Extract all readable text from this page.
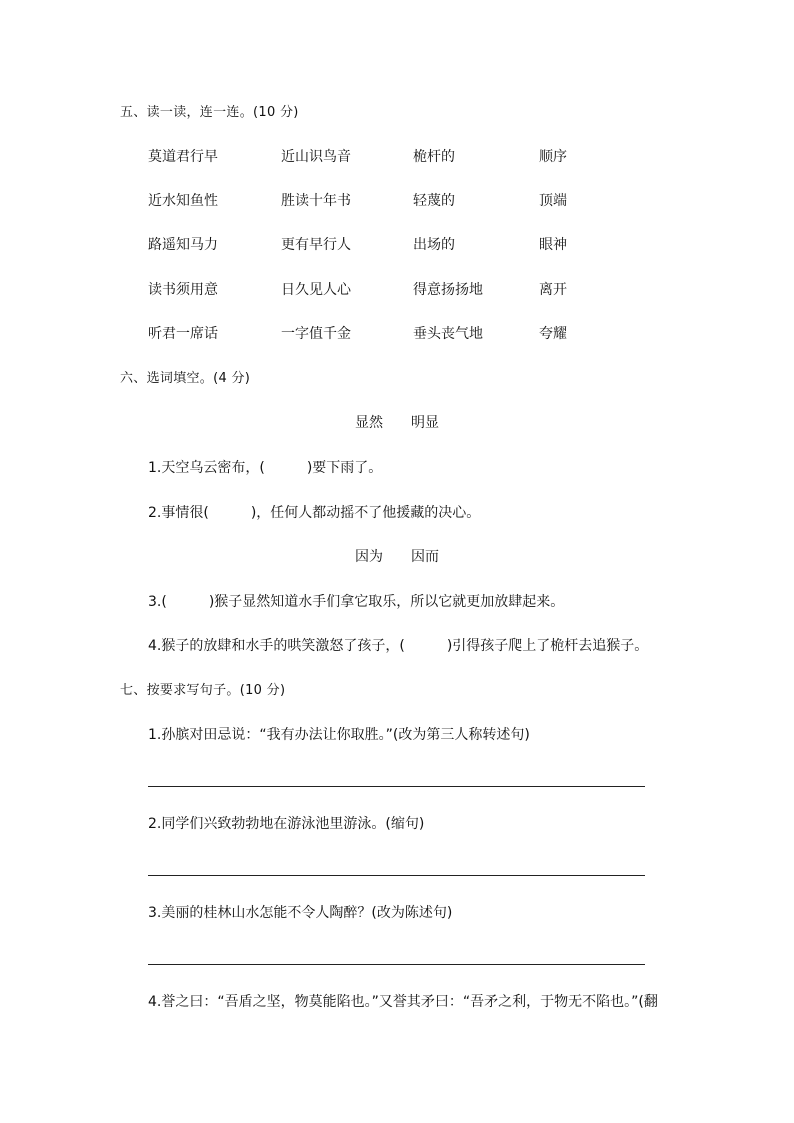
五、读一读，连一连。(10 分)
莫道君行早	近山识鸟音	桅杆的	顺序
近水知鱼性	胜读十年书	轻蔑的	顶端
路遥知马力	更有早行人	出场的	眼神
读书须用意	日久见人心	得意扬扬地	离开
听君一席话	一字值千金	垂头丧气地	夸耀
六、选词填空。(4 分)
显然　　明显
1.天空乌云密布，(　　　)要下雨了。
2.事情很(　　　)，任何人都动摇不了他援藏的决心。
因为　　因而
3.(　　　)猴子显然知道水手们拿它取乐，所以它就更加放肆起来。
4.猴子的放肆和水手的哄笑激怒了孩子，(　　　)引得孩子爬上了桅杆去追猴子。
七、按要求写句子。(10 分)
1.孙膑对田忌说：“我有办法让你取胜。”(改为第三人称转述句)
2.同学们兴致勃勃地在游泳池里游泳。(缩句)
3.美丽的桂林山水怎能不令人陶醉？(改为陈述句)
4.誉之曰：“吾盾之坚，物莫能陷也。”又誉其矛曰：“吾矛之利，于物无不陷也。”(翻
